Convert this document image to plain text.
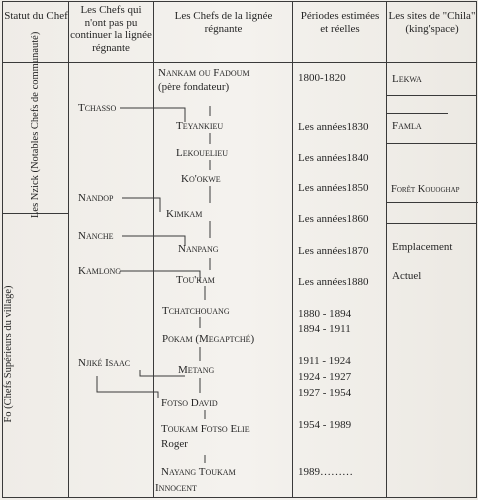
Statut du Chef	Les Chefs qui n'ont pas pu continuer la lignée régnante
Les Chefs de la lignée régnante
Périodes estimées et réelles
Les sites de "Chila" (king'space)
Les Nzick (Notables Chefs de communauté)
Fo (Chefs Supérieurs du village)
Tchasso
Nandop
Nanche
Kamlong
Njiké Isaac
Nankam ou Fadoum
(père fondateur)
Teyankieu
Lekouelieu
Ko'okwe
Kimkam
Nanpang
Tou'kam
Tchatchouang
Pokam (Megaptché)
Metang
Fotso David
Toukam Fotso Elie
Roger
Nayang Toukam
Innocent
1800-1820
Les années1830
Les années1840
Les années1850
Les années1860
Les années1870
Les années1880
1880 - 1894
1894 - 1911
1911 - 1924
1924 - 1927
1927 - 1954
1954 - 1989
1989………
Lekwa
Famla
Forêt Kouoghap
Emplacement
Actuel
